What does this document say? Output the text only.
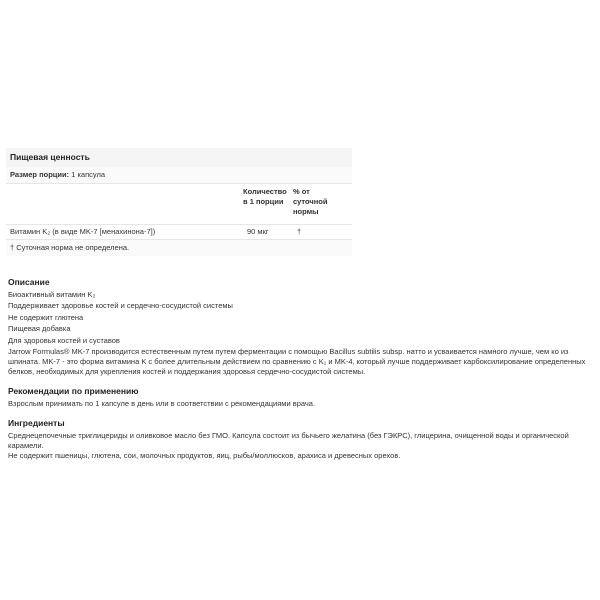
Пищевая ценность
Размер порции: 1 капсула
Количество в 1 порции
% от суточной нормы
Витамин K₂ (в виде MK-7 [менахинона-7])	90 мкг	†
† Суточная норма не определена.
Описание
Биоактивный витамин K₂
Поддерживает здоровье костей и сердечно-сосудистой системы
Не содержит глютена
Пищевая добавка
Для здоровья костей и суставов

Jarrow Formulas® MK-7 производится естественным путем путем ферментации с помощью Bacillus subtilis subsp. натто и усваивается намного лучше, чем ко из шпината. MK-7 - это форма витамина K с более длительным действием по сравнению с K₁ и MK-4, который лучше поддерживает карбоксилирование определенных белков, необходимых для укрепления костей и поддержания здоровья сердечно-сосудистой системы.

Рекомендации по применению

Взрослым принимать по 1 капсуле в день или в соответствии с рекомендациями врача.

Ингредиенты

Среднецепочечные триглицериды и оливковое масло без ГМО. Капсула состоит из бычьего желатина (без ГЭКРС), глицерина, очищенной воды и органической карамели.

Не содержит пшеницы, глютена, сои, молочных продуктов, яиц, рыбы/моллюсков, арахиса и древесных орехов.
